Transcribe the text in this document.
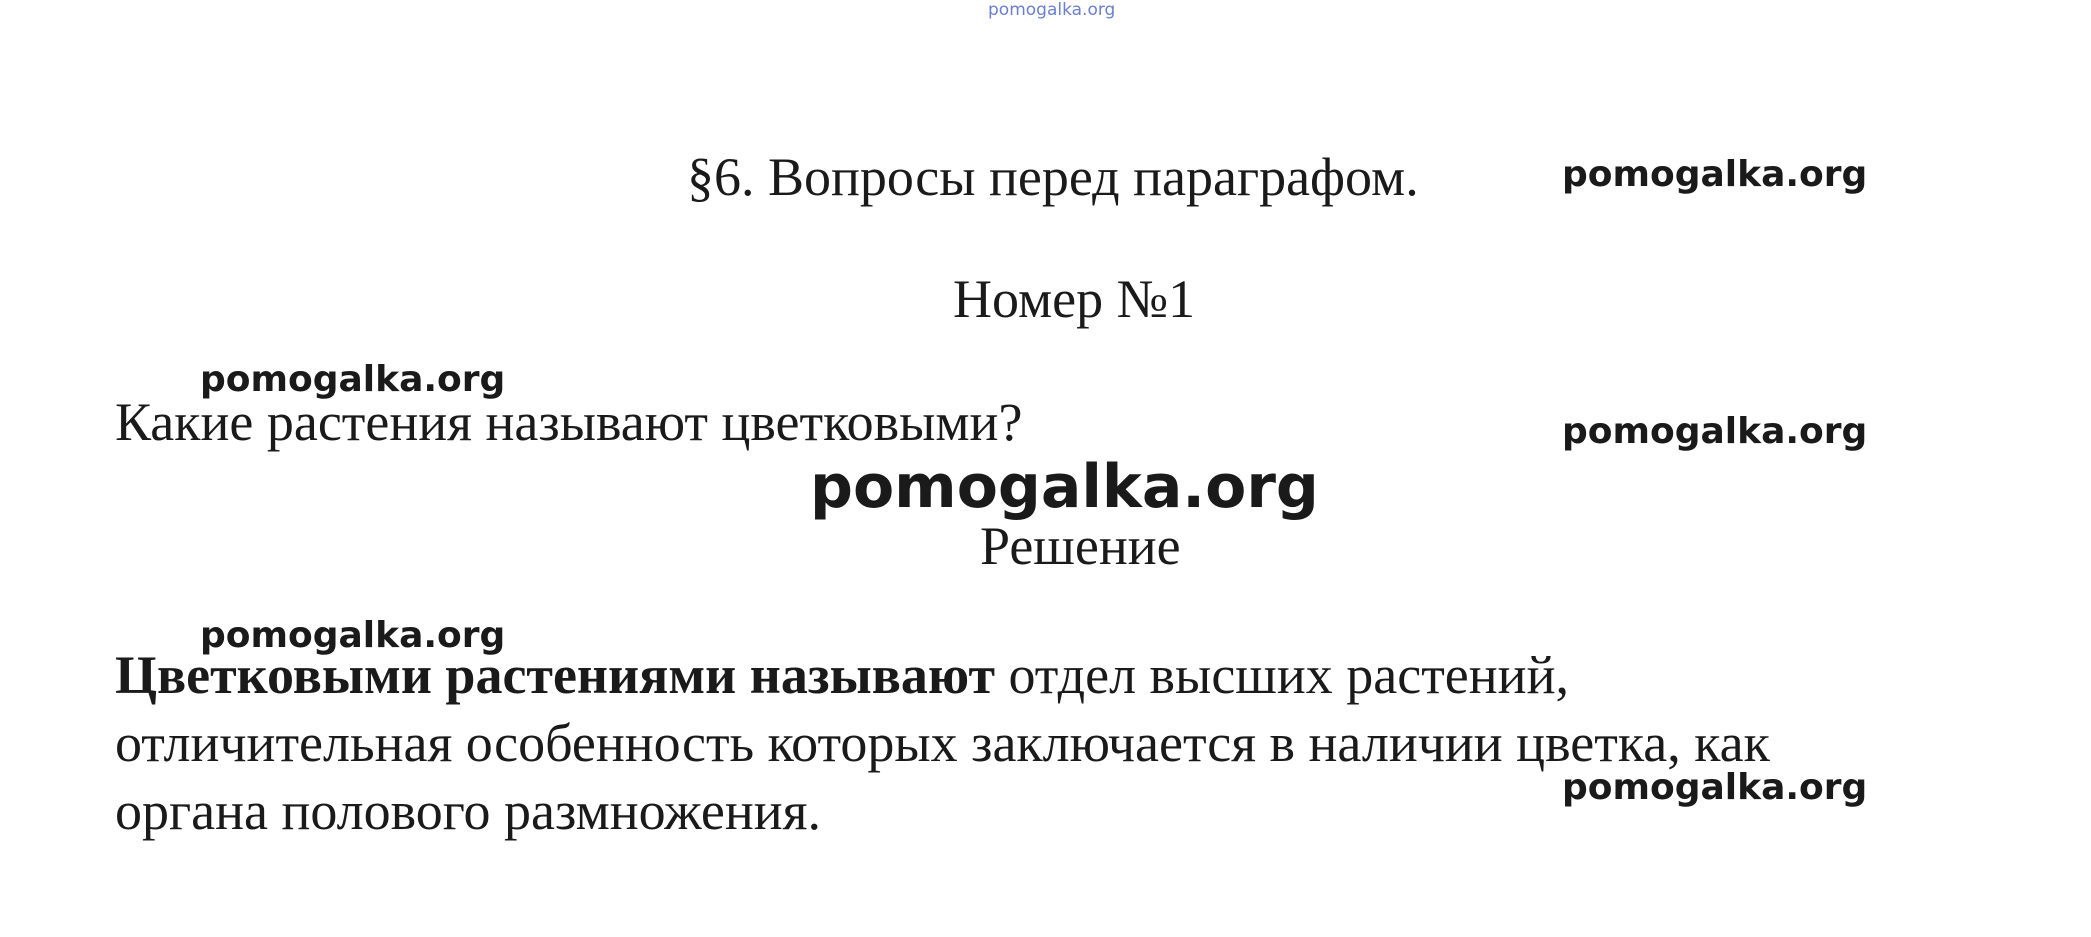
pomogalka.org
§6. Вопросы перед параграфом.
Номер №1
Какие растения называют цветковыми?
Решение
Цветковыми растениями называют отдел высших растений,
отличительная особенность которых заключается в наличии цветка, как
органа полового размножения.
pomogalka.org
pomogalka.org
pomogalka.org
pomogalka.org
pomogalka.org
pomogalka.org
